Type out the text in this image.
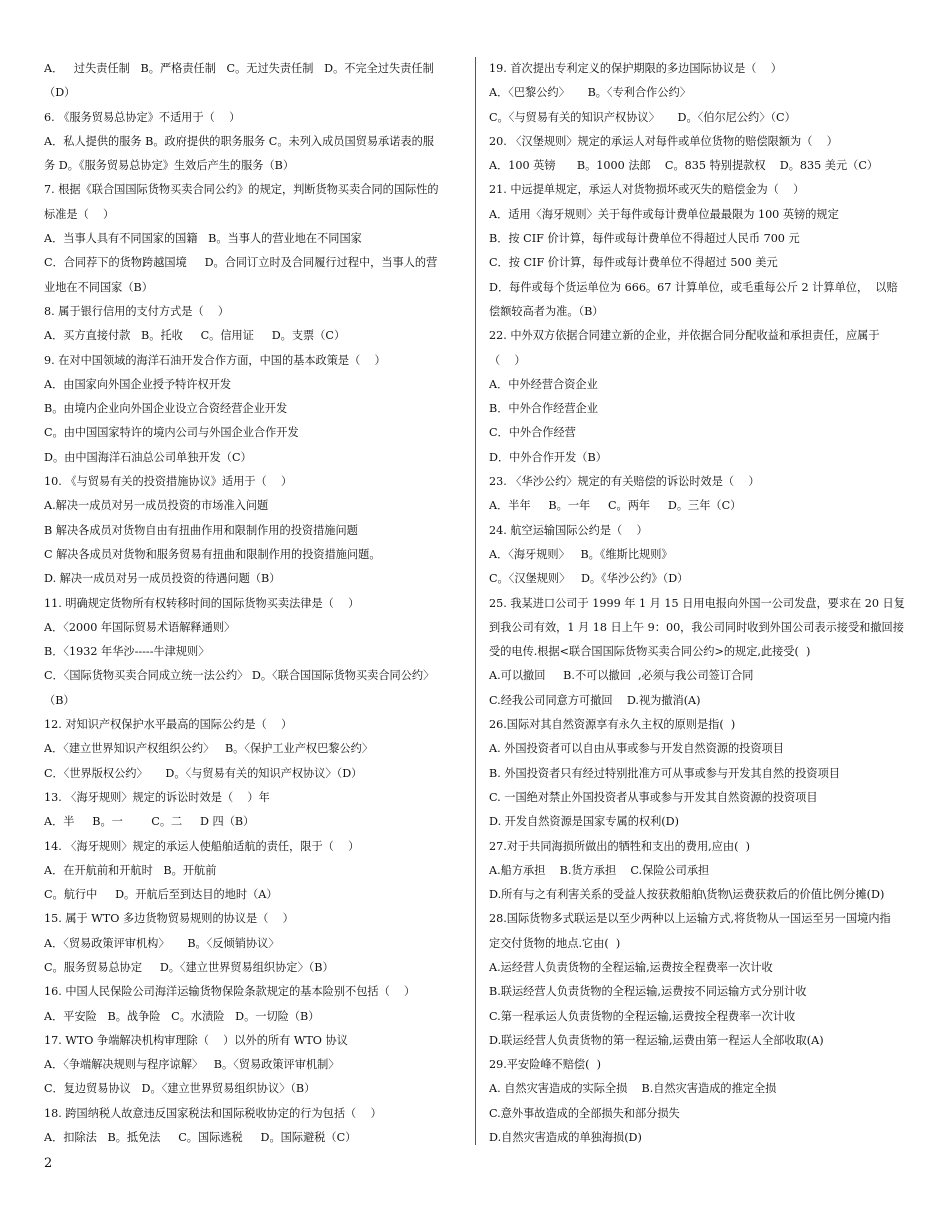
A．   过失责任制   B。严格责任制   C。无过失责任制   D。不完全过失责任制
（D）
6. 《服务贸易总协定》不适用于（    ）
A．私人提供的服务 B。政府提供的职务服务 C。未列入成员国贸易承诺表的服
务 D。《服务贸易总协定》生效后产生的服务（B）
7. 根据《联合国国际货物买卖合同公约》的规定，判断货物买卖合同的国际性的
标准是（    ）
A．当事人具有不同国家的国籍   B。当事人的营业地在不同国家
C．合同荐下的货物跨越国境     D。合同订立时及合同履行过程中，当事人的营
业地在不同国家（B）
8. 属于银行信用的支付方式是（    ）
A．买方直接付款   B。托收     C。信用证     D。支票（C）
9. 在对中国领域的海洋石油开发合作方面，中国的基本政策是（    ）
A．由国家向外国企业授予特许权开发
B。由境内企业向外国企业设立合资经营企业开发
C。由中国国家特许的境内公司与外国企业合作开发
D。由中国海洋石油总公司单独开发（C）
10. 《与贸易有关的投资措施协议》适用于（    ）
A.解决一成员对另一成员投资的市场准入问题
B 解决各成员对货物自由有扭曲作用和限制作用的投资措施问题
C 解决各成员对货物和服务贸易有扭曲和限制作用的投资措施问题。
D. 解决一成员对另一成员投资的待遇问题（B）
11. 明确规定货物所有权转移时间的国际货物买卖法律是（    ）
A．〈2000 年国际贸易术语解释通则〉
B．〈1932 年华沙-----牛津规则〉
C．〈国际货物买卖合同成立统一法公约〉 D。〈联合国国际货物买卖合同公约〉
（B）
12. 对知识产权保护水平最高的国际公约是（    ）
A．〈建立世界知识产权组织公约〉   B。〈保护工业产权巴黎公约〉
C．〈世界版权公约〉     D。〈与贸易有关的知识产权协议〉（D）
13. 〈海牙规则〉规定的诉讼时效是（    ）年
A．半     B。一        C。二     D 四（B）
14. 〈海牙规则〉规定的承运人使船舶适航的责任，限于（    ）
A．在开航前和开航时   B。开航前
C。航行中     D。开航后至到达目的地时（A）
15. 属于 WTO 多边货物贸易规则的协议是（    ）
A．〈贸易政策评审机构〉     B。〈反倾销协议〉
C。服务贸易总协定     D。〈建立世界贸易组织协定〉（B）
16. 中国人民保险公司海洋运输货物保险条款规定的基本险别不包括（    ）
A．平安险   B。战争险   C。水渍险   D。一切险（B）
17. WTO 争端解决机构审理除（    ）以外的所有 WTO 协议
A．〈争端解决规则与程序谅解〉   B。〈贸易政策评审机制〉
C．复边贸易协议   D。〈建立世界贸易组织协议〉（B）
18. 跨国纳税人故意违反国家税法和国际税收协定的行为包括（    ）
A．扣除法   B。抵免法     C。国际逃税     D。国际避税（C）
19. 首次提出专利定义的保护期限的多边国际协议是（    ）
A．〈巴黎公约〉     B。〈专利合作公约〉
C。〈与贸易有关的知识产权协议〉     D。〈伯尔尼公约〉（C）
20. 〈汉堡规则〉规定的承运人对每件或单位货物的赔偿限额为（    ）
A．100 英镑      B。1000 法郎    C。835 特别提款权    D。835 美元（C）
21. 中远提单规定，承运人对货物损坏或灭失的赔偿金为（    ）
A．适用〈海牙规则〉关于每件或每计费单位最最限为 100 英镑的规定
B．按 CIF 价计算，每件或每计费单位不得超过人民币 700 元
C．按 CIF 价计算，每件或每计费单位不得超过 500 美元
D．每件或每个货运单位为 666。67 计算单位，或毛重每公斤 2 计算单位，  以赔
偿额较高者为准。（B）
22. 中外双方依据合同建立新的企业，并依据合同分配收益和承担责任，应属于
（    ）
A．中外经营合资企业
B．中外合作经营企业
C．中外合作经营
D．中外合作开发（B）
23. 〈华沙公约〉规定的有关赔偿的诉讼时效是（    ）
A．半年     B。一年     C。两年     D。三年（C）
24. 航空运输国际公约是（    ）
A．〈海牙规则〉   B。《维斯比规则》
C。〈汉堡规则〉   D。《华沙公约》（D）
25. 我某进口公司于 1999 年 1 月 15 日用电报向外国一公司发盘，要求在 20 日复
到我公司有效，1 月 18 日上午 9：00，我公司同时收到外国公司表示接受和撤回接
受的电传.根据<联合国国际货物买卖合同公约>的规定,此接受(  )
A.可以撤回     B.不可以撤回  ,必须与我公司签订合同
C.经我公司同意方可撤回    D.视为撤消(A)
26.国际对其自然资源享有永久主权的原则是指(  )
A. 外国投资者可以自由从事或参与开发自然资源的投资项目
B. 外国投资者只有经过特别批准方可从事或参与开发其自然的投资项目
C. 一国绝对禁止外国投资者从事或参与开发其自然资源的投资项目
D. 开发自然资源是国家专属的权利(D)
27.对于共同海损所做出的牺牲和支出的费用,应由(  )
A.船方承担    B.货方承担    C.保险公司承担
D.所有与之有利害关系的受益人按获救船舶\货物\运费获救后的价值比例分摊(D)
28.国际货物多式联运是以至少两种以上运输方式,将货物从一国运至另一国境内指
定交付货物的地点.它由(  )
A.运经营人负责货物的全程运输,运费按全程费率一次计收
B.联运经营人负责货物的全程运输,运费按不同运输方式分别计收
C.第一程承运人负责货物的全程运输,运费按全程费率一次计收
D.联运经营人负责货物的第一程运输,运费由第一程运人全部收取(A)
29.平安险峰不赔偿(  )
A. 自然灾害造成的实际全损    B.自然灾害造成的推定全损
C.意外事故造成的全部损失和部分损失
D.自然灾害造成的单独海损(D)
2
